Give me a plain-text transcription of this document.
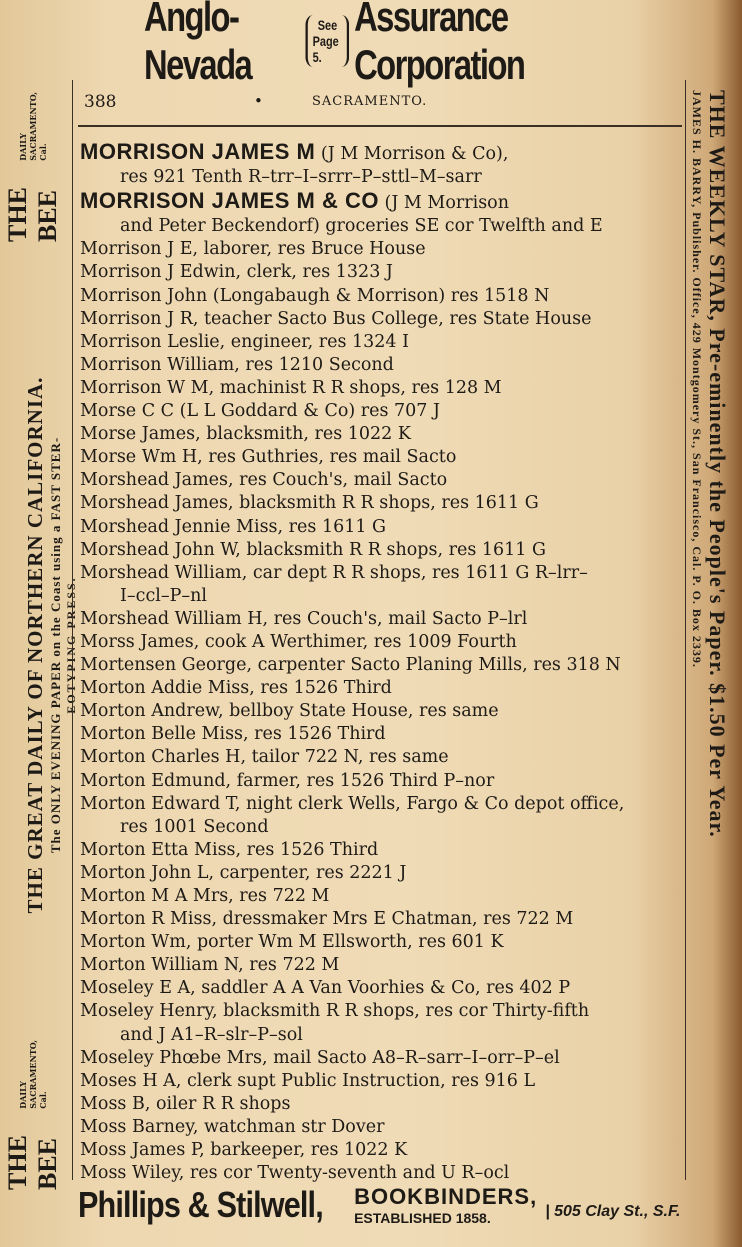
Anglo-Nevada
See
Page 5.
Assurance Corporation
THE GREAT DAILY OF NORTHERN CALIFORNIA. The ONLY EVENING PAPER on the Coast using a FAST STER- EOTYPING PRESS.
THE BEE
DAILY SACRAMENTO, Cal.
THE BEE
DAILY SACRAMENTO, Cal.
THE WEEKLY STAR, Pre-eminently the People's Paper. $1.50 Per Year.
JAMES H. BARRY, Publisher. Office, 429 Montgomery St., San Francisco, Cal. P. O. Box 2339.
388	•	SACRAMENTO.
MORRISON JAMES M (J M Morrison & Co),
res 921 Tenth R–trr–I–srrr–P–sttl–M–sarr
MORRISON JAMES M & CO (J M Morrison
and Peter Beckendorf) groceries SE cor Twelfth and E
Morrison J E, laborer, res Bruce House
Morrison J Edwin, clerk, res 1323 J
Morrison John (Longabaugh & Morrison) res 1518 N
Morrison J R, teacher Sacto Bus College, res State House
Morrison Leslie, engineer, res 1324 I
Morrison William, res 1210 Second
Morrison W M, machinist R R shops, res 128 M
Morse C C (L L Goddard & Co) res 707 J
Morse James, blacksmith, res 1022 K
Morse Wm H, res Guthries, res mail Sacto
Morshead James, res Couch's, mail Sacto
Morshead James, blacksmith R R shops, res 1611 G
Morshead Jennie Miss, res 1611 G
Morshead John W, blacksmith R R shops, res 1611 G
Morshead William, car dept R R shops, res 1611 G R–lrr–
I–ccl–P–nl
Morshead William H, res Couch's, mail Sacto P–lrl
Morss James, cook A Werthimer, res 1009 Fourth
Mortensen George, carpenter Sacto Planing Mills, res 318 N
Morton Addie Miss, res 1526 Third
Morton Andrew, bellboy State House, res same
Morton Belle Miss, res 1526 Third
Morton Charles H, tailor 722 N, res same
Morton Edmund, farmer, res 1526 Third P–nor
Morton Edward T, night clerk Wells, Fargo & Co depot office,
res 1001 Second
Morton Etta Miss, res 1526 Third
Morton John L, carpenter, res 2221 J
Morton M A Mrs, res 722 M
Morton R Miss, dressmaker Mrs E Chatman, res 722 M
Morton Wm, porter Wm M Ellsworth, res 601 K
Morton William N, res 722 M
Moseley E A, saddler A A Van Voorhies & Co, res 402 P
Moseley Henry, blacksmith R R shops, res cor Thirty-fifth
and J A1–R–slr–P–sol
Moseley Phœbe Mrs, mail Sacto A8–R–sarr–I–orr–P–el
Moses H A, clerk supt Public Instruction, res 916 L
Moss B, oiler R R shops
Moss Barney, watchman str Dover
Moss James P, barkeeper, res 1022 K
Moss Wiley, res cor Twenty-seventh and U R–ocl
Phillips & Stilwell, BOOKBINDERS,
ESTABLISHED 1858.	| 505 Clay St., S.F.
